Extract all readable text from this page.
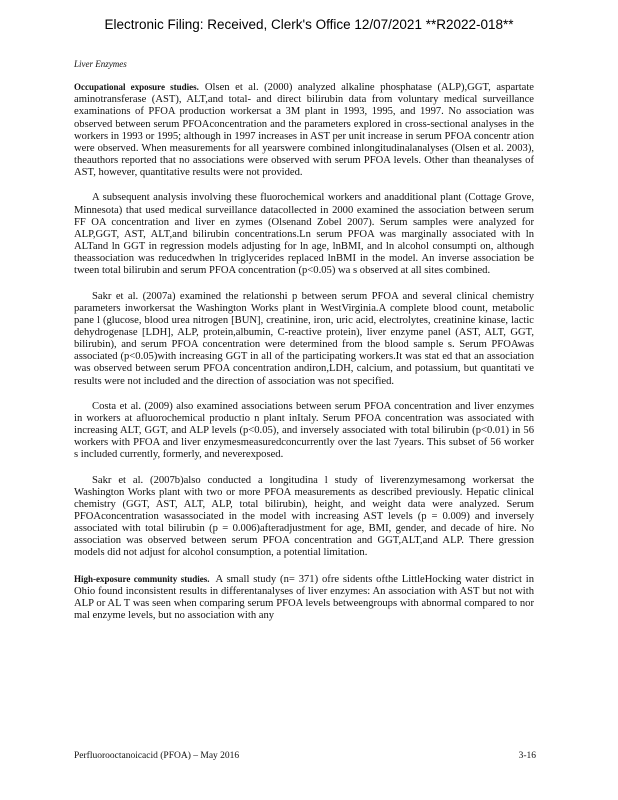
Electronic Filing: Received, Clerk's Office 12/07/2021 **R2022-018**
Liver Enzymes

Occupational exposure studies. Olsen et al. (2000) analyzed alkaline phosphatase (ALP),GGT, aspartate aminotransferase (AST), ALT,and total- and direct bilirubin data from voluntary medical surveillance examinations of PFOA production workersat a 3M plant in 1993, 1995, and 1997. No association was observed between serum PFOAconcentration and the parameters explored in cross-sectional analyses in the workers in 1993 or 1995; although in 1997 increases in AST per unit increase in serum PFOA concentr ation were observed. When measurements for all yearswere combined inlongitudinalanalyses (Olsen et al. 2003), theauthors reported that no associations were observed with serum PFOA levels. Other than theanalyses of AST, however, quantitative results were not provided.

A subsequent analysis involving these fluorochemical workers and anadditional plant (Cottage Grove, Minnesota) that used medical surveillance datacollected in 2000 examined the association between serum FF OA concentration and liver en zymes (Olsenand Zobel 2007). Serum samples were analyzed for ALP,GGT, AST, ALT,and bilirubin concentrations.Ln serum PFOA was marginally associated with ln ALTand ln GGT in regression models adjusting for ln age, lnBMI, and ln alcohol consumpti on, although theassociation was reducedwhen ln triglycerides replaced lnBMI in the model. An inverse association be tween total bilirubin and serum PFOA concentration (p<0.05) wa s observed at all sites combined.

Sakr et al. (2007a) examined the relationshi p between serum PFOA and several clinical chemistry parameters inworkersat the Washington Works plant in WestVirginia.A complete blood count, metabolic pane l (glucose, blood urea nitrogen [BUN], creatinine, iron, uric acid, electrolytes, creatinine kinase, lactic dehydrogenase [LDH], ALP, protein,albumin, C-reactive protein), liver enzyme panel (AST, ALT, GGT, bilirubin), and serum PFOA concentration were determined from the blood sample s. Serum PFOAwas associated (p<0.05)with increasing GGT in all of the participating workers.It was stat ed that an association was observed between serum PFOA concentration andiron,LDH, calcium, and potassium, but quantitati ve results were not included and the direction of association was not specified.

Costa et al. (2009) also examined associations between serum PFOA concentration and liver enzymes in workers at afluorochemical productio n plant inItaly. Serum PFOA concentration was associated with increasing ALT, GGT, and ALP levels (p<0.05), and inversely associated with total bilirubin (p<0.01) in 56 workers with PFOA and liver enzymesmeasuredconcurrently over the last 7years. This subset of 56 worker s included currently, formerly, and neverexposed.

Sakr et al. (2007b)also conducted a longitudina l study of liverenzymesamong workersat the Washington Works plant with two or more PFOA measurements as described previously. Hepatic clinical chemistry (GGT, AST, ALT, ALP, total bilirubin), height, and weight data were analyzed. Serum PFOAconcentration wasassociated in the model with increasing AST levels (p = 0.009) and inversely associated with total bilirubin (p = 0.006)afteradjustment for age, BMI, gender, and decade of hire. No association was observed between serum PFOA concentration and GGT,ALT,and ALP. There gression models did not adjust for alcohol consumption, a potential limitation.

High-exposure community studies. A small study (n= 371) ofre sidents ofthe LittleHocking water district in Ohio found inconsistent results in differentanalyses of liver enzymes: An association with AST but not with ALP or AL T was seen when comparing serum PFOA levels betweengroups with abnormal compared to nor mal enzyme levels, but no association with any

Perfluorooctanoicacid (PFOA) – May 2016	3-16
